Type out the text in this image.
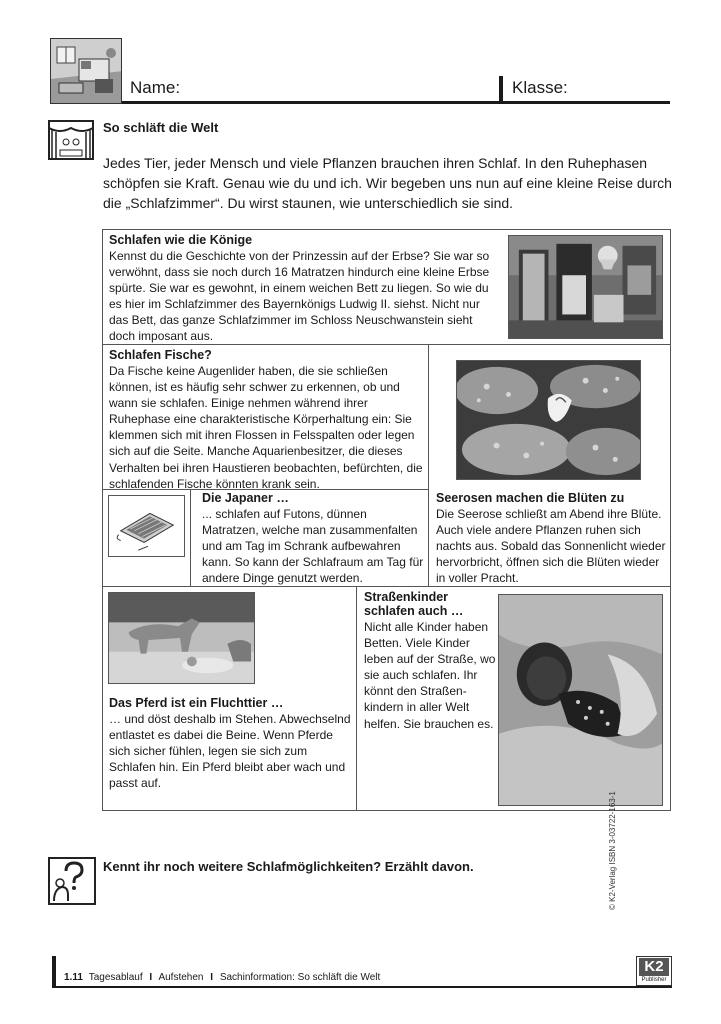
Name:	Klasse:
So schläft die Welt
Jedes Tier, jeder Mensch und viele Pflanzen brauchen ihren Schlaf. In den Ruhephasen schöpfen sie Kraft. Genau wie du und ich. Wir begeben uns nun auf eine kleine Reise durch die „Schlafzimmer“. Du wirst staunen, wie unterschiedlich sie sind.
Schlafen wie die Könige
Kennst du die Geschichte von der Prinzessin auf der Erbse? Sie war so verwöhnt, dass sie noch durch 16 Matratzen hindurch eine kleine Erbse spürte. Sie war es gewohnt, in einem weichen Bett zu liegen. So wie du es hier im Schlafzimmer des Bayernkönigs Ludwig II. siehst. Nicht nur das Bett, das ganze Schlafzimmer im Schloss Neuschwanstein sieht doch imposant aus.
Schlafen Fische?
Da Fische keine Augenlider haben, die sie schließen können, ist es häufig sehr schwer zu erkennen, ob und wann sie schlafen. Einige nehmen während ihrer Ruhephase eine charakteristische Körperhaltung ein: Sie klemmen sich mit ihren Flossen in Felsspalten oder legen sich auf die Seite. Manche Aquarienbesitzer, die dieses Verhalten bei ihren Haustieren beobachten, befürchten, die schlafenden Fische könnten krank sein.
Seerosen machen die Blüten zu
Die Seerose schließt am Abend ihre Blüte. Auch viele andere Pflanzen ruhen sich nachts aus. Sobald das Sonnenlicht wieder hervorbricht, öffnen sich die Blüten wieder in voller Pracht.
Die Japaner …
... schlafen auf Futons, dünnen Matratzen, welche man zusammenfalten und am Tag im Schrank aufbewahren kann. So kann der Schlafraum am Tag für andere Dinge genutzt werden.
Das Pferd ist ein Fluchttier …
… und döst deshalb im Stehen. Abwechselnd entlastet es dabei die Beine. Wenn Pferde sich sicher fühlen, legen sie sich zum Schlafen hin. Ein Pferd bleibt aber wach und passt auf.
Straßenkinder schlafen auch …
Nicht alle Kinder haben Betten. Viele Kinder leben auf der Straße, wo sie auch schlafen. Ihr könnt den Straßenkindern in aller Welt helfen. Sie brauchen es.
Kennt ihr noch weitere Schlafmöglichkeiten? Erzählt davon.	© K2-Verlag ISBN 3-03722-163-1
1.11 Tagesablauf I Aufstehen I Sachinformation: So schläft die Welt
K2
Publisher
